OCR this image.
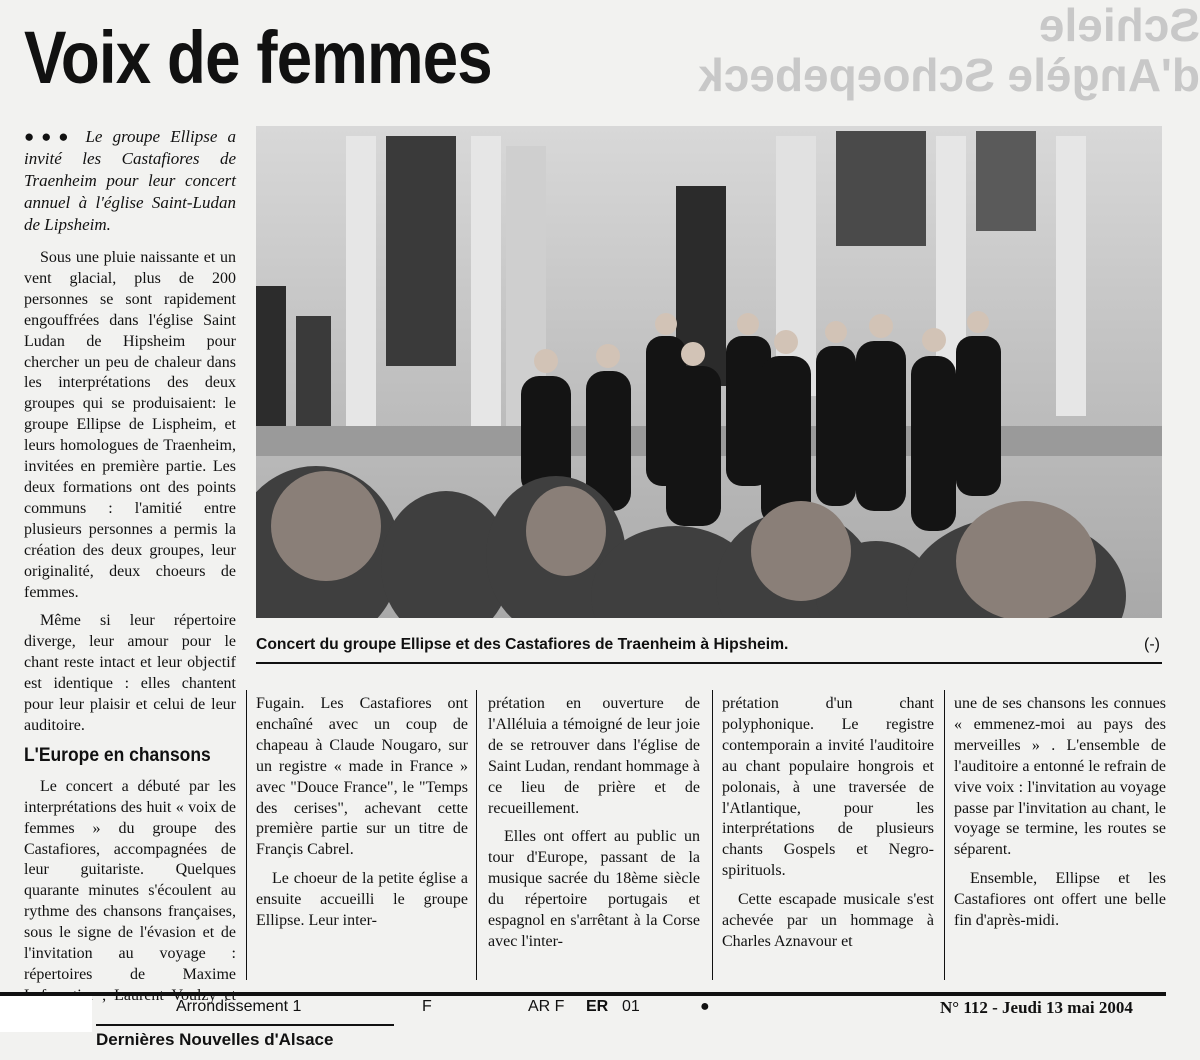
Schiele
d'Angèle Schoepebeck
Voix de femmes

●●● Le groupe Ellipse a invité les Castafiores de Traenheim pour leur concert annuel à l'église Saint-Ludan de Lipsheim.

Sous une pluie naissante et un vent glacial, plus de 200 personnes se sont rapidement engouffrées dans l'église Saint Ludan de Hipsheim pour chercher un peu de chaleur dans les interprétations des deux groupes qui se produisaient: le groupe Ellipse de Lispheim, et leurs homologues de Traenheim, invitées en première partie. Les deux formations ont des points communs : l'amitié entre plusieurs personnes a permis la création des deux groupes, leur originalité, deux choeurs de femmes.

Même si leur répertoire diverge, leur amour pour le chant reste intact et leur objectif est identique : elles chantent pour leur plaisir et celui de leur auditoire.

L'Europe en chansons

Le concert a débuté par les interprétations des huit « voix de femmes » du groupe des Castafiores, accompagnées de leur guitariste. Quelques quarante minutes s'écoulent au rythme des chansons françaises, sous le signe de l'évasion et de l'invitation au voyage : répertoires de Maxime

Concert du groupe Ellipse et des Castafiores de Traenheim à Hipsheim.	(-)

Fugain. Les Castafiores ont enchaîné avec un coup de chapeau à Claude Nougaro, sur un registre « made in France » avec "Douce France", le "Temps des cerises", achevant cette première partie sur un titre de Françis Cabrel.

Le choeur de la petite église a ensuite accueilli le groupe Ellipse. Leur inter-

prétation en ouverture de l'Alléluia a témoigné de leur joie de se retrouver dans l'église de Saint Ludan, rendant hommage à ce lieu de prière et de recueillement.

Elles ont offert au public un tour d'Europe, passant de la musique sacrée du 18ème siècle du répertoire portugais et espagnol en s'arrêtant à la Corse avec l'inter-

prétation d'un chant polyphonique. Le registre contemporain a invité l'auditoire au chant populaire hongrois et polonais, à une traversée de l'Atlantique, pour les interprétations de plusieurs chants Gospels et Negro-spirituols.

Cette escapade musicale s'est achevée par un hommage à Charles Aznavour et

une de ses chansons les connues « emmenez-moi au pays des merveilles » . L'ensemble de l'auditoire a entonné le refrain de vive voix : l'invitation au voyage passe par l'invitation au chant, le voyage se termine, les routes se séparent.

Ensemble, Ellipse et les Castafiores ont offert une belle fin d'après-midi.

Arrondissement 1	F	AR F ER 01	●	N° 112 - Jeudi 13 mai 2004
Dernières Nouvelles d'Alsace
